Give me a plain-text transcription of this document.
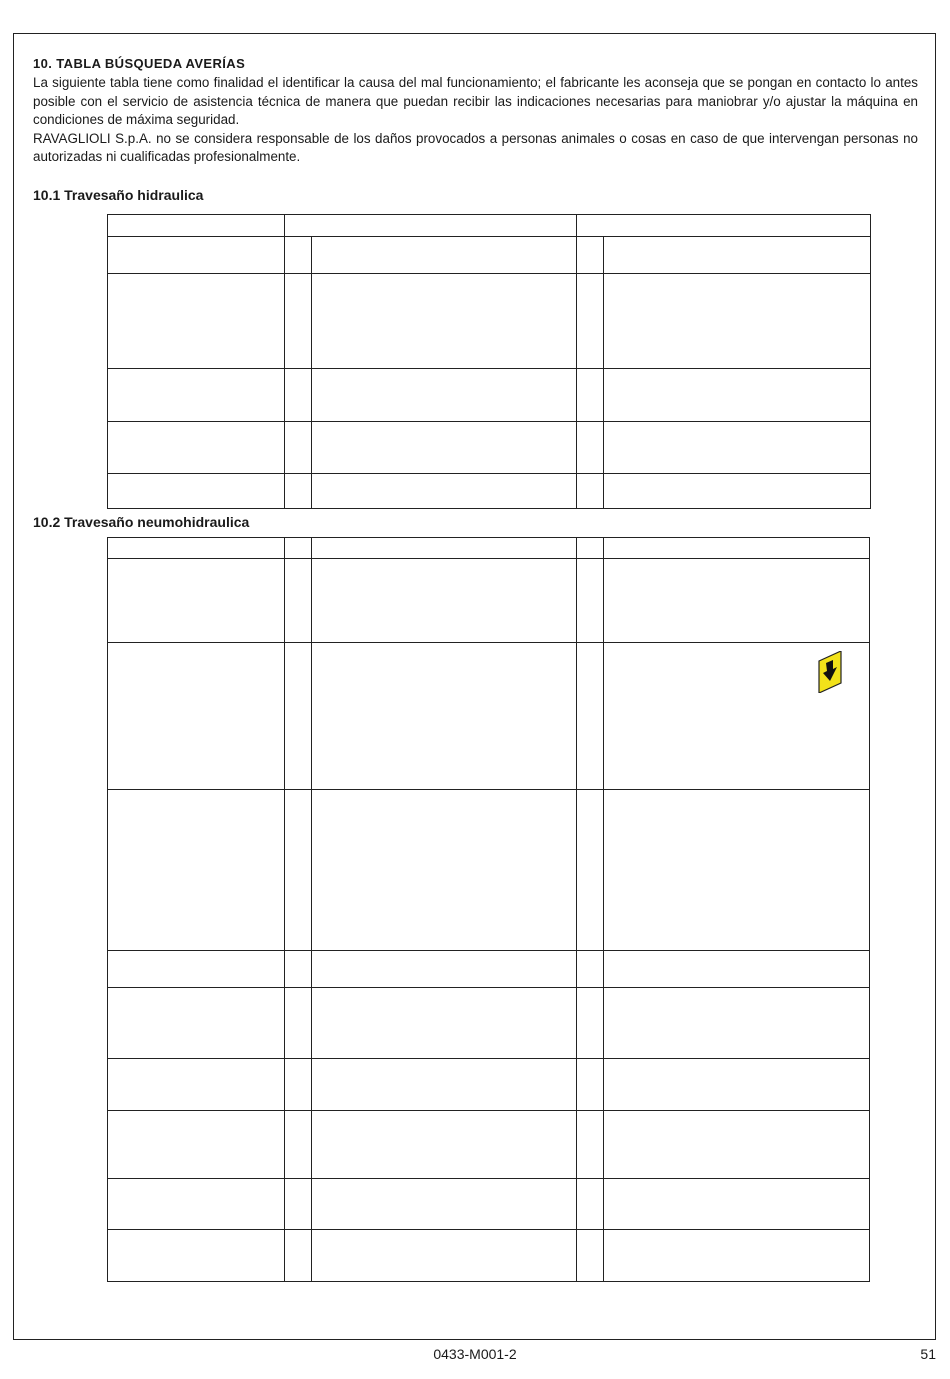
10. TABLA BÚSQUEDA AVERÍAS

La siguiente tabla tiene como finalidad el identificar la causa del mal funcionamiento; el fabricante les aconseja que se pongan en contacto lo antes posible con el servicio de asistencia técnica de manera que puedan recibir las indicaciones necesarias para maniobrar y/o ajustar la máquina en condiciones de máxima seguridad.

RAVAGLIOLI S.p.A. no se considera responsable de los daños provocados a personas animales o cosas en caso de que intervengan personas no autorizadas ni cualificadas profesionalmente.

10.1 Travesaño hidraulica

10.2 Travesaño neumohidraulica

0433-M001-2	51
